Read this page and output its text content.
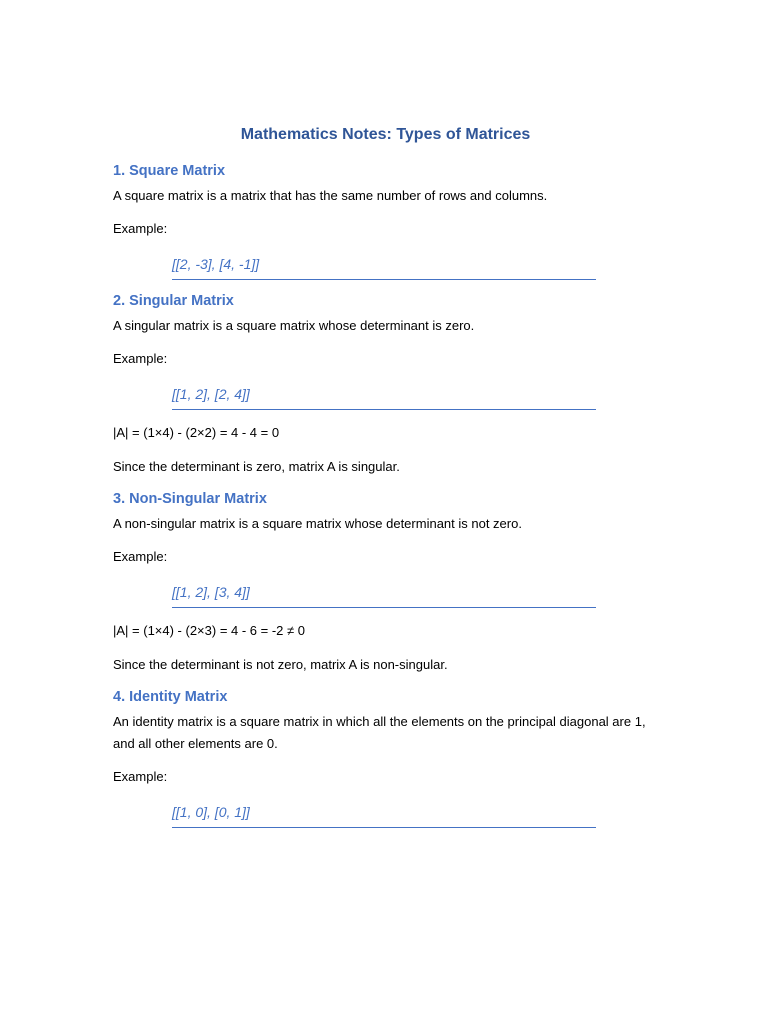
Mathematics Notes: Types of Matrices
1. Square Matrix
A square matrix is a matrix that has the same number of rows and columns.
Example:
[[2, -3], [4, -1]]
2. Singular Matrix
A singular matrix is a square matrix whose determinant is zero.
Example:
[[1, 2], [2, 4]]
|A| = (1×4) - (2×2) = 4 - 4 = 0
Since the determinant is zero, matrix A is singular.
3. Non-Singular Matrix
A non-singular matrix is a square matrix whose determinant is not zero.
Example:
[[1, 2], [3, 4]]
|A| = (1×4) - (2×3) = 4 - 6 = -2 ≠ 0
Since the determinant is not zero, matrix A is non-singular.
4. Identity Matrix
An identity matrix is a square matrix in which all the elements on the principal diagonal are 1, and all other elements are 0.
Example:
[[1, 0], [0, 1]]
